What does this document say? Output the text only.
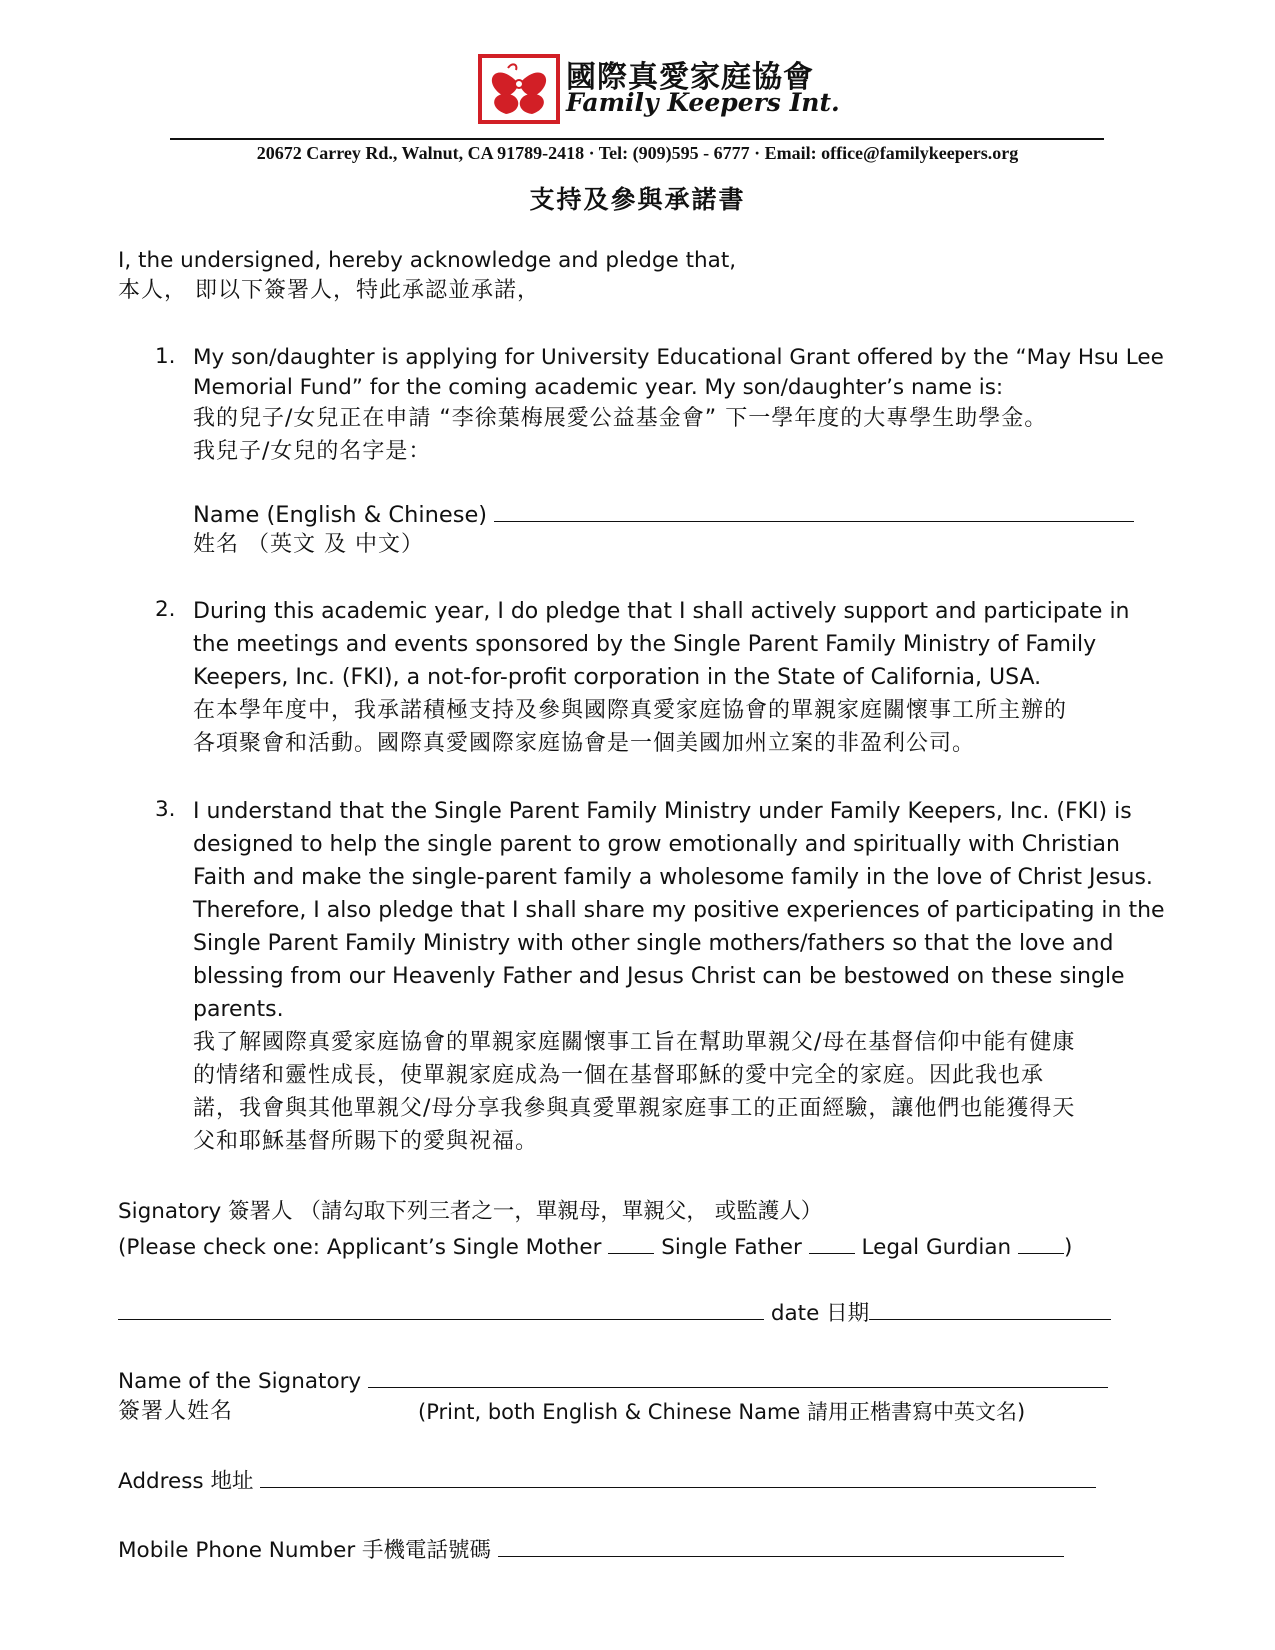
國際真愛家庭協會
Family Keepers Int.
20672 Carrey Rd., Walnut, CA 91789-2418 · Tel: (909)595 - 6777 · Email: office@familykeepers.org
支持及參與承諾書
I, the undersigned, hereby acknowledge and pledge that,
本人， 即以下簽署人，特此承認並承諾，
1. My son/daughter is applying for University Educational Grant offered by the “May Hsu Lee
Memorial Fund” for the coming academic year. My son/daughter’s name is:
我的兒子/女兒正在申請 “李徐葉梅展愛公益基金會” 下一學年度的大專學生助學金。
我兒子/女兒的名字是：
Name (English & Chinese)
姓名 （英文 及 中文）
2. During this academic year, I do pledge that I shall actively support and participate in
the meetings and events sponsored by the Single Parent Family Ministry of Family
Keepers, Inc. (FKI), a not-for-profit corporation in the State of California, USA.
在本學年度中，我承諾積極支持及參與國際真愛家庭協會的單親家庭關懷事工所主辦的
各項聚會和活動。國際真愛國際家庭協會是一個美國加州立案的非盈利公司。
3. I understand that the Single Parent Family Ministry under Family Keepers, Inc. (FKI) is
designed to help the single parent to grow emotionally and spiritually with Christian
Faith and make the single-parent family a wholesome family in the love of Christ Jesus.
Therefore, I also pledge that I shall share my positive experiences of participating in the
Single Parent Family Ministry with other single mothers/fathers so that the love and
blessing from our Heavenly Father and Jesus Christ can be bestowed on these single
parents.
我了解國際真愛家庭協會的單親家庭關懷事工旨在幫助單親父/母在基督信仰中能有健康
的情绪和靈性成長，使單親家庭成為一個在基督耶穌的愛中完全的家庭。因此我也承
諾，我會與其他單親父/母分享我參與真愛單親家庭事工的正面經驗，讓他們也能獲得天
父和耶穌基督所賜下的愛與祝福。
Signatory 簽署人 （請勾取下列三者之一，單親母，單親父， 或監護人）
(Please check one: Applicant’s Single Mother	Single Father	Legal Gurdian )
date 日期
Name of the Signatory
簽署人姓名	(Print, both English & Chinese Name 請用正楷書寫中英文名)
Address 地址
Mobile Phone Number 手機電話號碼
